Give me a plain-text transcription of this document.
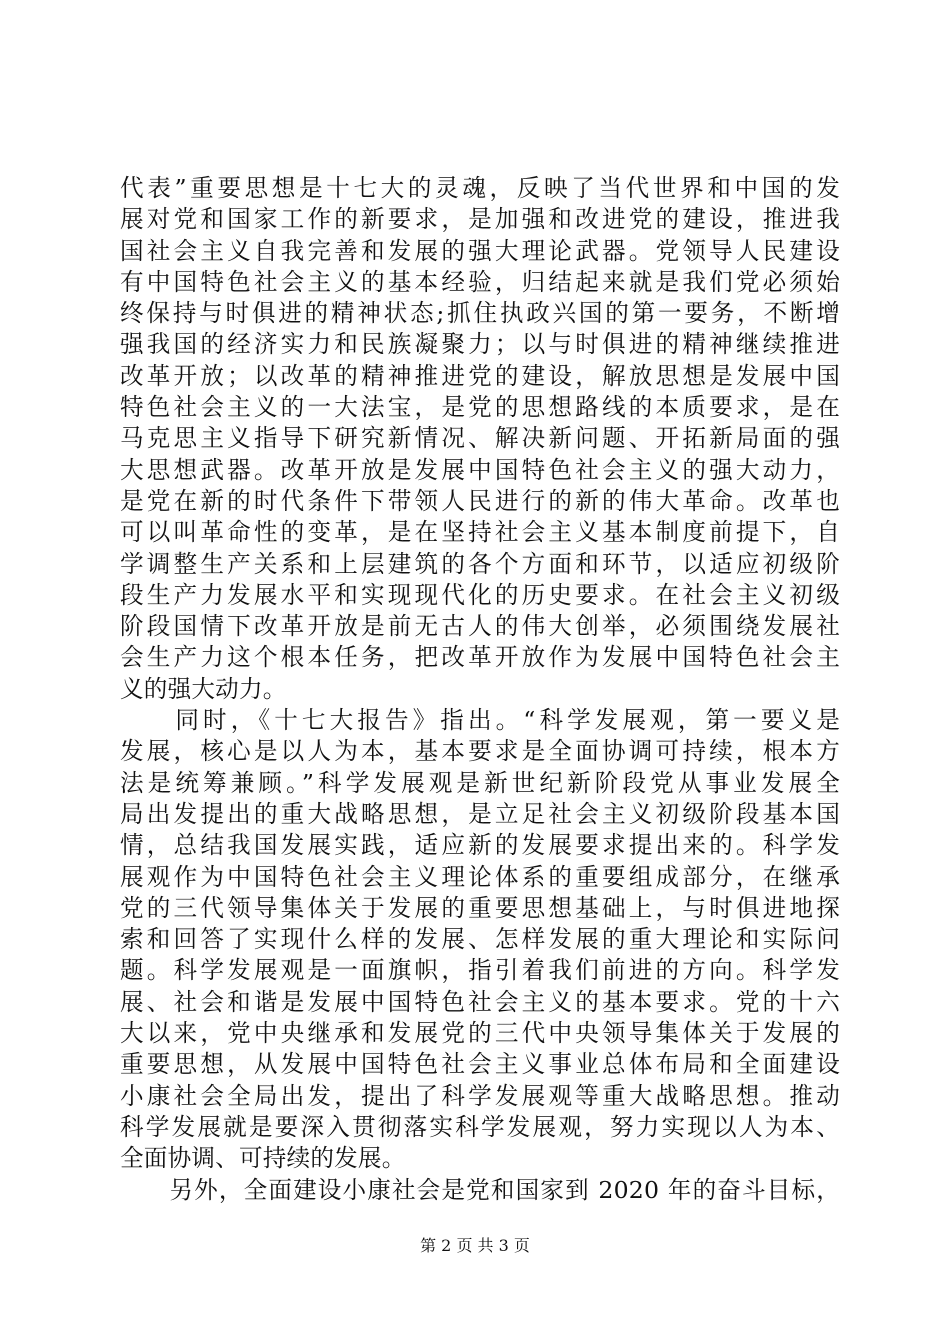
代表”重要思想是十七大的灵魂，反映了当代世界和中国的发
展对党和国家工作的新要求，是加强和改进党的建设，推进我
国社会主义自我完善和发展的强大理论武器。党领导人民建设
有中国特色社会主义的基本经验，归结起来就是我们党必须始
终保持与时俱进的精神状态;抓住执政兴国的第一要务，不断增
强我国的经济实力和民族凝聚力；以与时俱进的精神继续推进
改革开放；以改革的精神推进党的建设，解放思想是发展中国
特色社会主义的一大法宝，是党的思想路线的本质要求，是在
马克思主义指导下研究新情况、解决新问题、开拓新局面的强
大思想武器。改革开放是发展中国特色社会主义的强大动力，
是党在新的时代条件下带领人民进行的新的伟大革命。改革也
可以叫革命性的变革，是在坚持社会主义基本制度前提下，自
学调整生产关系和上层建筑的各个方面和环节，以适应初级阶
段生产力发展水平和实现现代化的历史要求。在社会主义初级
阶段国情下改革开放是前无古人的伟大创举，必须围绕发展社
会生产力这个根本任务，把改革开放作为发展中国特色社会主
义的强大动力。
　　同时，《十七大报告》指出。“科学发展观，第一要义是
发展，核心是以人为本，基本要求是全面协调可持续，根本方
法是统筹兼顾。”科学发展观是新世纪新阶段党从事业发展全
局出发提出的重大战略思想，是立足社会主义初级阶段基本国
情，总结我国发展实践，适应新的发展要求提出来的。科学发
展观作为中国特色社会主义理论体系的重要组成部分，在继承
党的三代领导集体关于发展的重要思想基础上，与时俱进地探
索和回答了实现什么样的发展、怎样发展的重大理论和实际问
题。科学发展观是一面旗帜，指引着我们前进的方向。科学发
展、社会和谐是发展中国特色社会主义的基本要求。党的十六
大以来，党中央继承和发展党的三代中央领导集体关于发展的
重要思想，从发展中国特色社会主义事业总体布局和全面建设
小康社会全局出发，提出了科学发展观等重大战略思想。推动
科学发展就是要深入贯彻落实科学发展观，努力实现以人为本、
全面协调、可持续的发展。
　　另外，全面建设小康社会是党和国家到 2020 年的奋斗目标，
第 2 页 共 3 页
